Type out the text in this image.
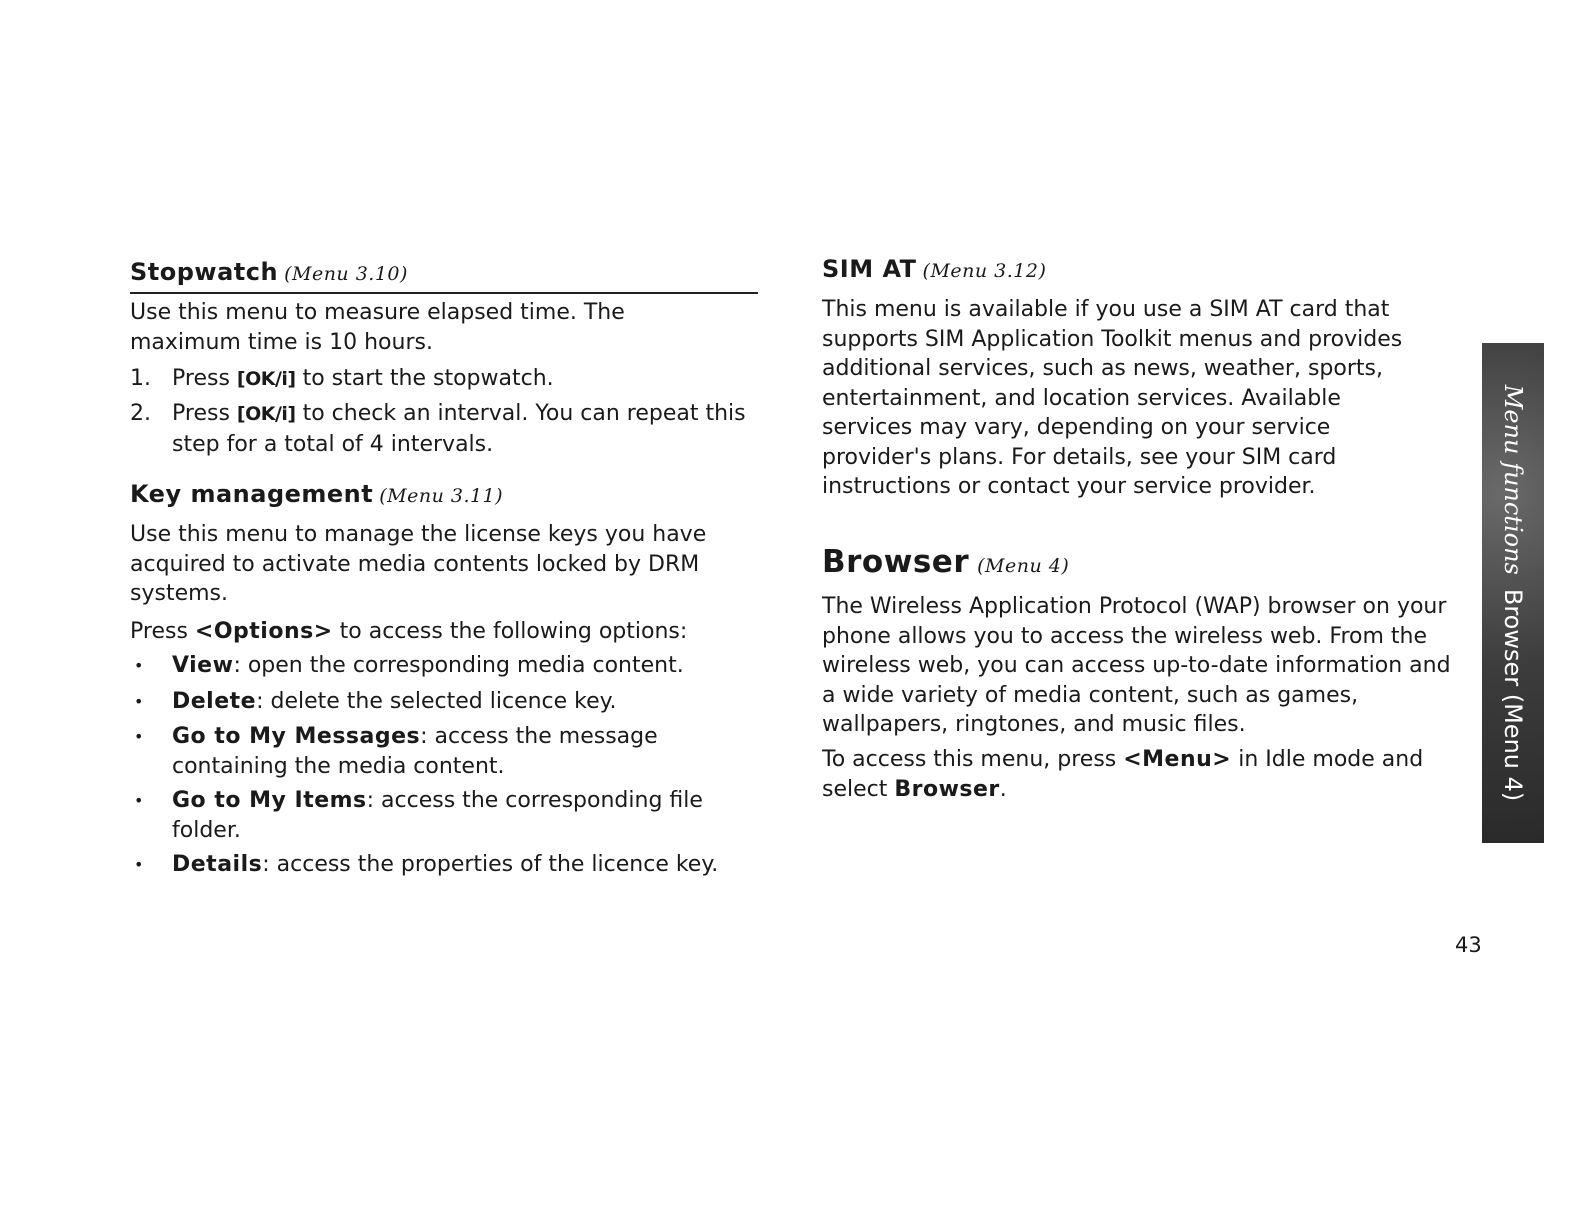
Stopwatch (Menu 3.10)
Use this menu to measure elapsed time. The maximum time is 10 hours.
1. Press [OK/i] to start the stopwatch.
2. Press [OK/i] to check an interval. You can repeat this step for a total of 4 intervals.
Key management (Menu 3.11)
Use this menu to manage the license keys you have acquired to activate media contents locked by DRM systems.
Press <Options> to access the following options:
• View: open the corresponding media content.
• Delete: delete the selected licence key.
• Go to My Messages: access the message containing the media content.
• Go to My Items: access the corresponding file folder.
• Details: access the properties of the licence key.
SIM AT (Menu 3.12)
This menu is available if you use a SIM AT card that supports SIM Application Toolkit menus and provides additional services, such as news, weather, sports, entertainment, and location services. Available services may vary, depending on your service provider's plans. For details, see your SIM card instructions or contact your service provider.
Browser (Menu 4)
The Wireless Application Protocol (WAP) browser on your phone allows you to access the wireless web. From the wireless web, you can access up-to-date information and a wide variety of media content, such as games, wallpapers, ringtones, and music files.
To access this menu, press <Menu> in Idle mode and select Browser.
Menu functionsBrowser (Menu 4)
43
